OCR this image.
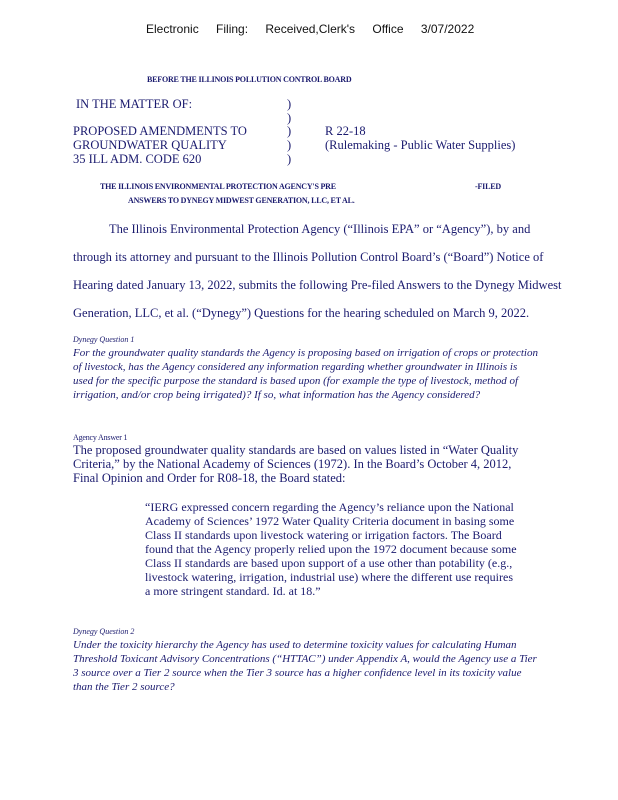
Electronic Filing: Received,Clerk's Office 3/07/2022
BEFORE THE ILLINOIS POLLUTION CONTROL BOARD
IN THE MATTER OF:
PROPOSED AMENDMENTS TO
GROUNDWATER QUALITY
35 ILL ADM. CODE 620
)
)
)
)
)
R 22-18
(Rulemaking - Public Water Supplies)
THE ILLINOIS ENVIRONMENTAL PROTECTION AGENCY'S PRE	-FILED
ANSWERS TO DYNEGY MIDWEST GENERATION, LLC, ET AL.
The Illinois Environmental Protection Agency (“Illinois EPA” or “Agency”), by and
through its attorney and pursuant to the Illinois Pollution Control Board’s (“Board”) Notice of
Hearing dated January 13, 2022, submits the following Pre-filed Answers to the Dynegy Midwest
Generation, LLC, et al. (“Dynegy”) Questions for the hearing scheduled on March 9, 2022.
Dynegy Question 1
For the groundwater quality standards the Agency is proposing based on irrigation of crops or protection of livestock, has the Agency considered any information regarding whether groundwater in Illinois is used for the specific purpose the standard is based upon (for example the type of livestock, method of irrigation, and/or crop being irrigated)? If so, what information has the Agency considered?
Agency Answer 1
The proposed groundwater quality standards are based on values listed in “Water Quality Criteria,” by the National Academy of Sciences (1972). In the Board’s October 4, 2012, Final Opinion and Order for R08-18, the Board stated:
“IERG expressed concern regarding the Agency’s reliance upon the National Academy of Sciences’ 1972 Water Quality Criteria document in basing some Class II standards upon livestock watering or irrigation factors. The Board found that the Agency properly relied upon the 1972 document because some Class II standards are based upon support of a use other than potability (e.g., livestock watering, irrigation, industrial use) where the different use requires a more stringent standard. Id. at 18.”
Dynegy Question 2
Under the toxicity hierarchy the Agency has used to determine toxicity values for calculating Human Threshold Toxicant Advisory Concentrations (“HTTAC”) under Appendix A, would the Agency use a Tier 3 source over a Tier 2 source when the Tier 3 source has a higher confidence level in its toxicity value than the Tier 2 source?
